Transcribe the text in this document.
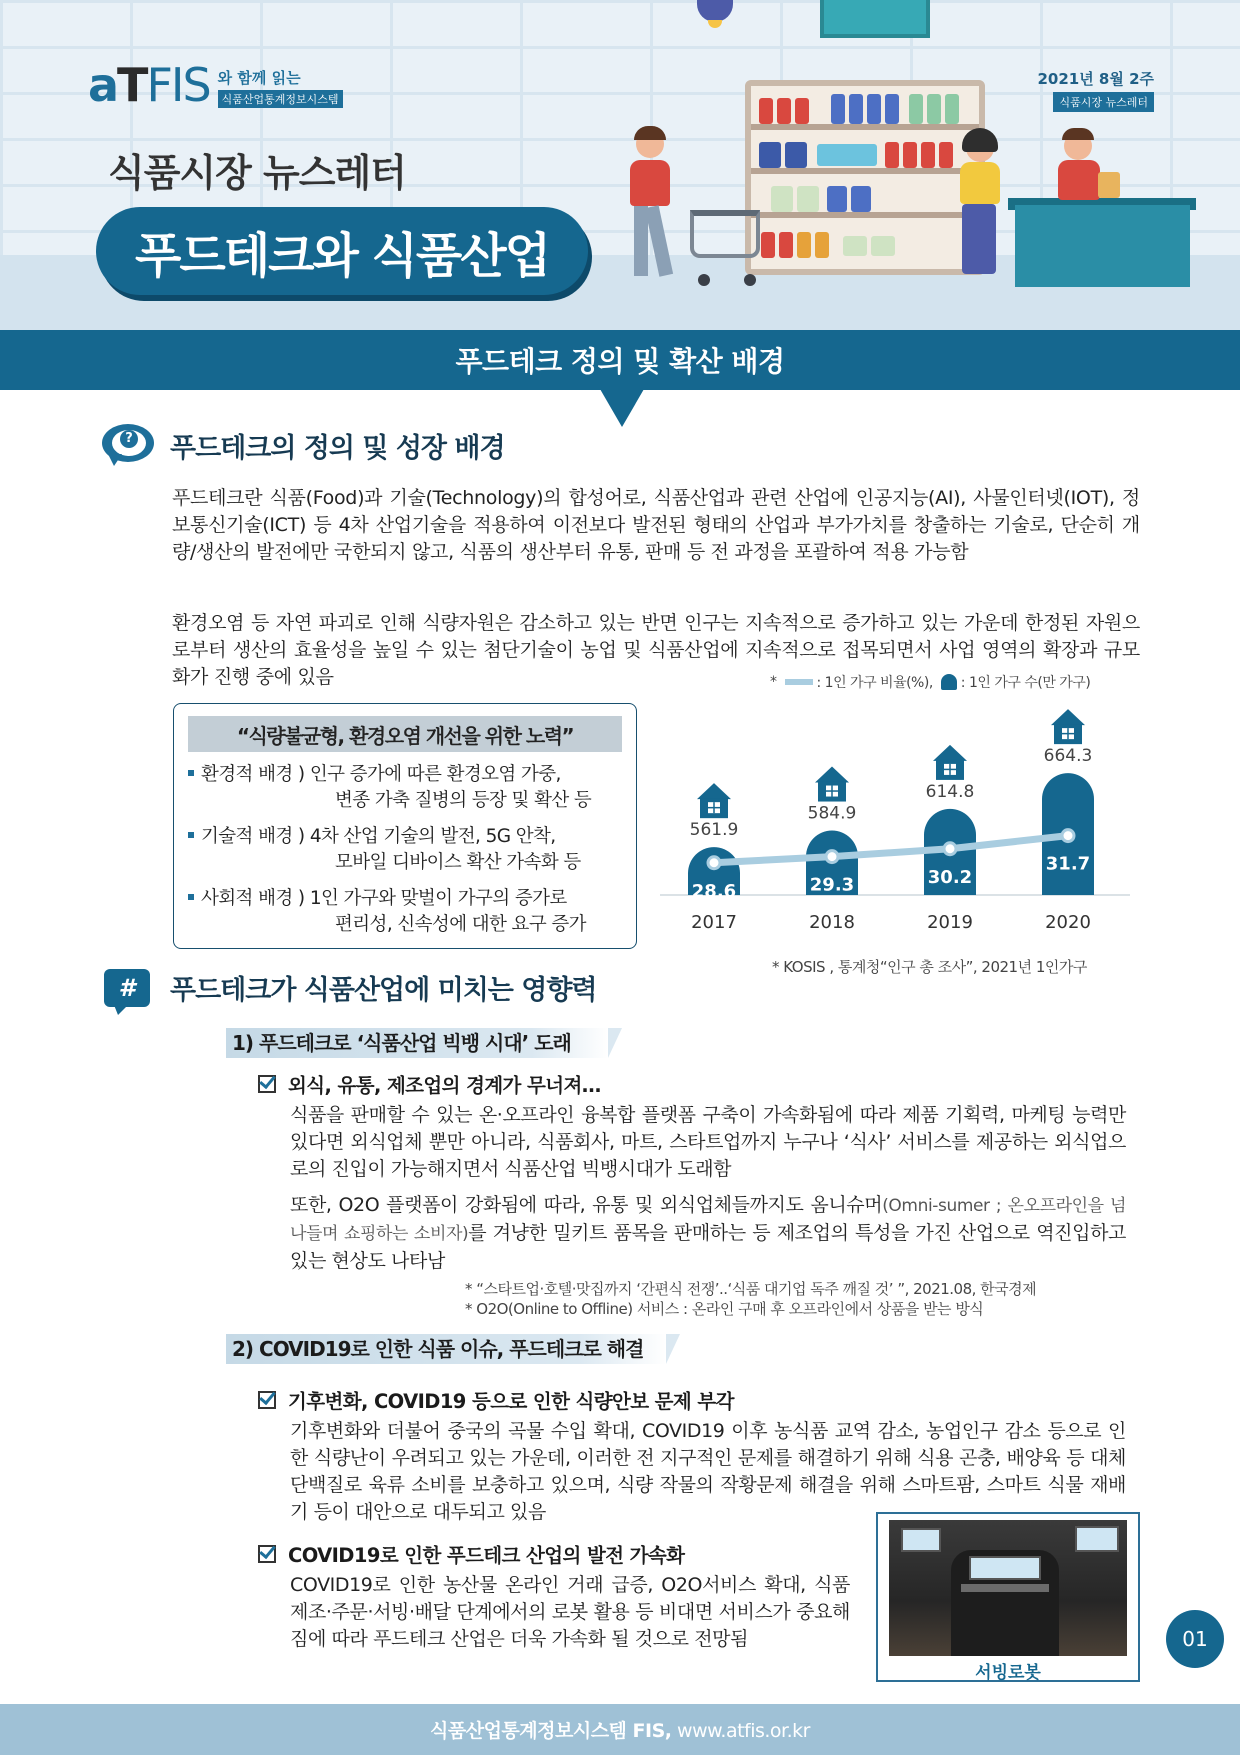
aTFIS 와 함께 읽는
식품산업통계정보시스템
2021년 8월 2주
식품시장 뉴스레터
식품시장 뉴스레터
푸드테크와 식품산업
푸드테크 정의 및 확산 배경
? 푸드테크의 정의 및 성장 배경
푸드테크란 식품(Food)과 기술(Technology)의 합성어로, 식품산업과 관련 산업에 인공지능(AI), 사물인터넷(IOT), 정보통신기술(ICT) 등 4차 산업기술을 적용하여 이전보다 발전된 형태의 산업과 부가가치를 창출하는 기술로, 단순히 개량/생산의 발전에만 국한되지 않고, 식품의 생산부터 유통, 판매 등 전 과정을 포괄하여 적용 가능함
환경오염 등 자연 파괴로 인해 식량자원은 감소하고 있는 반면 인구는 지속적으로 증가하고 있는 가운데 한정된 자원으로부터 생산의 효율성을 높일 수 있는 첨단기술이 농업 및 식품산업에 지속적으로 접목되면서 사업 영역의 확장과 규모화가 진행 중에 있음
“식량불균형, 환경오염 개선을 위한 노력”
환경적 배경 ) 인구 증가에 따른 환경오염 가중,
변종 가축 질병의 등장 및 확산 등
기술적 배경 ) 4차 산업 기술의 발전, 5G 안착,
모바일 디바이스 확산 가속화 등
사회적 배경 ) 1인 가구와 맞벌이 가구의 증가로
편리성, 신속성에 대한 요구 증가
*	: 1인 가구 비율(%), : 1인 가구 수(만 가구)
561.9
2017
584.9
2018
614.8
2019
664.3
2020
28.6	29.3	30.2
31.7
* KOSIS , 통계청“인구 총 조사”, 2021년 1인가구
#	푸드테크가 식품산업에 미치는 영향력
1) 푸드테크로 ‘식품산업 빅뱅 시대’ 도래
외식, 유통, 제조업의 경계가 무너져…
식품을 판매할 수 있는 온·오프라인 융복합 플랫폼 구축이 가속화됨에 따라 제품 기획력, 마케팅 능력만 있다면 외식업체 뿐만 아니라, 식품회사, 마트, 스타트업까지 누구나 ‘식사’ 서비스를 제공하는 외식업으로의 진입이 가능해지면서 식품산업 빅뱅시대가 도래함
또한, O2O 플랫폼이 강화됨에 따라, 유통 및 외식업체들까지도 옴니슈머(Omni-sumer ; 온오프라인을 넘나들며 쇼핑하는 소비자)를 겨냥한 밀키트 품목을 판매하는 등 제조업의 특성을 가진 산업으로 역진입하고 있는 현상도 나타남
* “스타트업·호텔·맛집까지 ‘간편식 전쟁’..‘식품 대기업 독주 깨질 것’ ”, 2021.08, 한국경제
* O2O(Online to Offline) 서비스 : 온라인 구매 후 오프라인에서 상품을 받는 방식
2) COVID19로 인한 식품 이슈, 푸드테크로 해결
기후변화, COVID19 등으로 인한 식량안보 문제 부각
기후변화와 더불어 중국의 곡물 수입 확대, COVID19 이후 농식품 교역 감소, 농업인구 감소 등으로 인한 식량난이 우려되고 있는 가운데, 이러한 전 지구적인 문제를 해결하기 위해 식용 곤충, 배양육 등 대체 단백질로 육류 소비를 보충하고 있으며, 식량 작물의 작황문제 해결을 위해 스마트팜, 스마트 식물 재배기 등이 대안으로 대두되고 있음
COVID19로 인한 푸드테크 산업의 발전 가속화
COVID19로 인한 농산물 온라인 거래 급증, O2O서비스 확대, 식품 제조·주문·서빙·배달 단계에서의 로봇 활용 등 비대면 서비스가 중요해짐에 따라 푸드테크 산업은 더욱 가속화 될 것으로 전망됨
서빙로봇
01
식품산업통계정보시스템 FIS, www.atfis.or.kr
